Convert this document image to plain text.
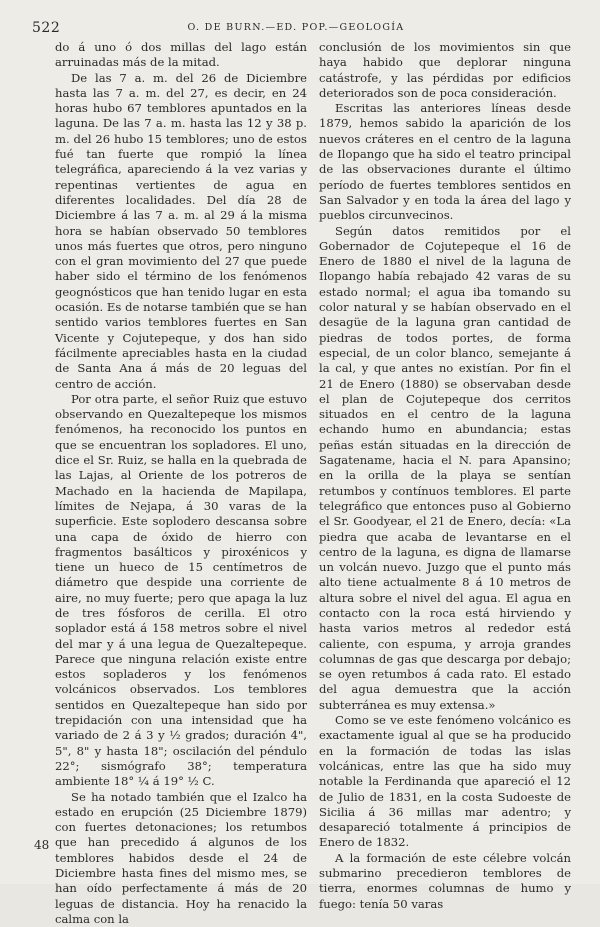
522	O. DE BURN.—ED. POP.—GEOLOGÍA

do á uno ó dos millas del lago están arruinadas más de la mitad.

De las 7 a. m. del 26 de Diciembre hasta las 7 a. m. del 27, es decir, en 24 horas hubo 67 temblores apuntados en la laguna. De las 7 a. m. hasta las 12 y 38 p. m. del 26 hubo 15 temblores; uno de estos fué tan fuerte que rompió la línea telegráfica, apareciendo á la vez varias y repentinas vertientes de agua en diferentes localidades. Del día 28 de Diciembre á las 7 a. m. al 29 á la misma hora se habían observado 50 temblores unos más fuertes que otros, pero ninguno con el gran movimiento del 27 que puede haber sido el término de los fenómenos geognósticos que han tenido lugar en esta ocasión. Es de notarse también que se han sentido varios temblores fuertes en San Vicente y Cojutepeque, y dos han sido fácilmente apreciables hasta en la ciudad de Santa Ana á más de 20 leguas del centro de acción.

Por otra parte, el señor Ruiz que estuvo observando en Quezaltepeque los mismos fenómenos, ha reconocido los puntos en que se encuentran los sopladores. El uno, dice el Sr. Ruiz, se halla en la quebrada de las Lajas, al Oriente de los potreros de Machado en la hacienda de Mapilapa, límites de Nejapa, á 30 varas de la superficie. Este soplodero descansa sobre una capa de óxido de hierro con fragmentos basálticos y piroxénicos y tiene un hueco de 15 centímetros de diámetro que despide una corriente de aire, no muy fuerte; pero que apaga la luz de tres fósforos de cerilla. El otro soplador está á 158 metros sobre el nivel del mar y á una legua de Quezaltepeque. Parece que ninguna relación existe entre estos sopladeros y los fenómenos volcánicos observados. Los temblores sentidos en Quezaltepeque han sido por trepidación con una intensidad que ha variado de 2 á 3 y ½ grados; duración 4", 5", 8" y hasta 18"; oscilación del péndulo 22°; sismógrafo 38°; temperatura ambiente 18° ¼ á 19° ½ C.

Se ha notado también que el Izalco ha estado en erupción (25 Diciembre 1879) con fuertes detonaciones; los retumbos que han precedido á algunos de los temblores habidos desde el 24 de Diciembre hasta fines del mismo mes, se han oído perfectamente á más de 20 leguas de distancia. Hoy ha renacido la calma con la

conclusión de los movimientos sin que haya habido que deplorar ninguna catástrofe, y las pérdidas por edificios deteriorados son de poca consideración.

Escritas las anteriores líneas desde 1879, hemos sabido la aparición de los nuevos cráteres en el centro de la laguna de Ilopango que ha sido el teatro principal de las observaciones durante el último período de fuertes temblores sentidos en San Salvador y en toda la área del lago y pueblos circunvecinos.

Según datos remitidos por el Gobernador de Cojutepeque el 16 de Enero de 1880 el nivel de la laguna de Ilopango había rebajado 42 varas de su estado normal; el agua iba tomando su color natural y se habían observado en el desagüe de la laguna gran cantidad de piedras de todos portes, de forma especial, de un color blanco, semejante á la cal, y que antes no existían. Por fin el 21 de Enero (1880) se observaban desde el plan de Cojutepeque dos cerritos situados en el centro de la laguna echando humo en abundancia; estas peñas están situadas en la dirección de Sagatename, hacia el N. para Apansino; en la orilla de la playa se sentían retumbos y contínuos temblores. El parte telegráfico que entonces puso al Gobierno el Sr. Goodyear, el 21 de Enero, decía: «La piedra que acaba de levantarse en el centro de la laguna, es digna de llamarse un volcán nuevo. Juzgo que el punto más alto tiene actualmente 8 á 10 metros de altura sobre el nivel del agua. El agua en contacto con la roca está hirviendo y hasta varios metros al rededor está caliente, con espuma, y arroja grandes columnas de gas que descarga por debajo; se oyen retumbos á cada rato. El estado del agua demuestra que la acción subterránea es muy extensa.»

Como se ve este fenómeno volcánico es exactamente igual al que se ha producido en la formación de todas las islas volcánicas, entre las que ha sido muy notable la Ferdinanda que apareció el 12 de Julio de 1831, en la costa Sudoeste de Sicilia á 36 millas mar adentro; y desapareció totalmente á principios de Enero de 1832.

A la formación de este célebre volcán submarino precedieron temblores de tierra, enormes columnas de humo y fuego: tenía 50 varas

48
